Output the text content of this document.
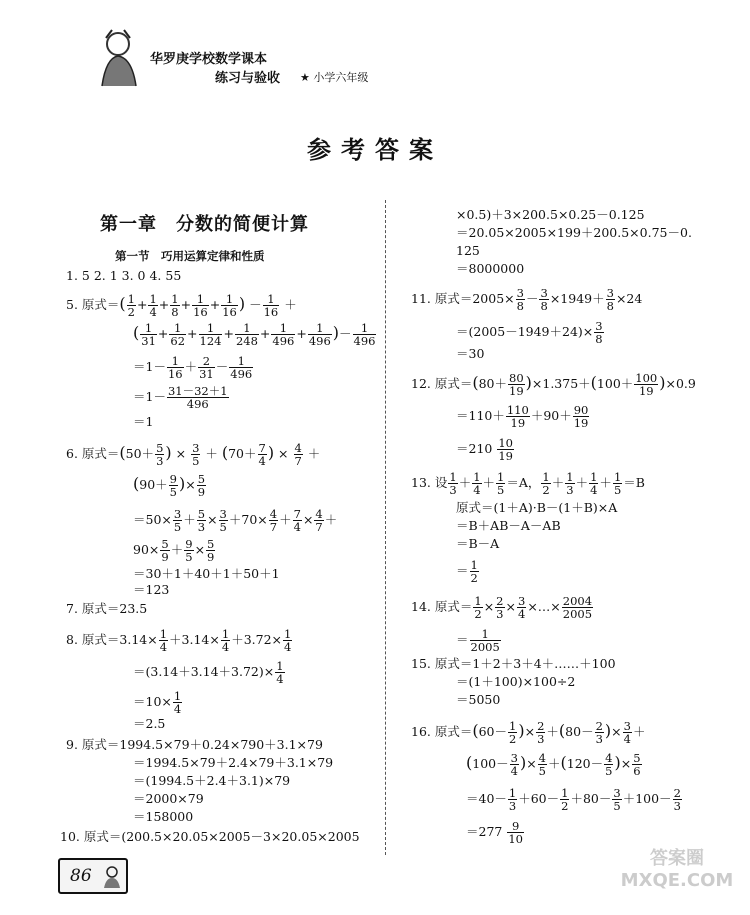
华罗庚学校数学课本
练习与验收 ★ 小学六年级
参考答案
第一章　分数的简便计算
第一节　巧用运算定律和性质
1. 5 2. 1 3. 0 4. 55
5. 原式＝( $\frac{1}{2} + \frac{1}{4} + \frac{1}{8} + \frac{1}{16} + \frac{1}{16}$ ) － $\frac{1}{16}$ ＋
( $\frac{1}{31} + \frac{1}{62} + \frac{1}{124} + \frac{1}{248} + \frac{1}{496} + \frac{1}{496}$ )－ $\frac{1}{496}$
$=1- \frac{1}{16} + \frac{2}{31} - \frac{1}{496}$
$=1- \frac{31-32+1}{496}$
＝1
6. 原式$=(50+ \frac{5}{3}$ ) × $\frac{3}{5} + (70+ \frac{7}{4}$ ) × $\frac{4}{7}$ ＋
($90+ \frac{9}{5}$ )× $\frac{5}{9}$
$=50\times \frac{3}{5} + \frac{5}{3} \times \frac{3}{5} +70\times \frac{4}{7} + \frac{7}{4} \times \frac{4}{7}$ ＋
$90\times \frac{5}{9} + \frac{9}{5} \times \frac{5}{9}$
＝30＋1＋40＋1＋50＋1
＝123
7. 原式＝23.5
8. 原式$=3.14\times \frac{1}{4} +3.14\times \frac{1}{4} +3.72\times \frac{1}{4}$
$=(3.14+3.14+3.72)\times \frac{1}{4}$
$=10\times \frac{1}{4}$
＝2.5
9. 原式＝1994.5×79＋0.24×790＋3.1×79
＝1994.5×79＋2.4×79＋3.1×79
＝(1994.5＋2.4＋3.1)×79
＝2000×79
＝158000
10. 原式＝(200.5×20.05×2005－3×20.05×2005
×0.5)＋3×200.5×0.25－0.125
＝20.05×2005×199＋200.5×0.75－0.
125
＝8000000
11. 原式$=2005\times \frac{3}{8} - \frac{3}{8} \times 1949+ \frac{3}{8} \times 24$
$=(2005-1949+24)\times \frac{3}{8}$
＝30
12. 原式$=(80+ \frac{80}{19} )\times 1.375+(100+ \frac{100}{19} )\times 0.9$
$=110+ \frac{110}{19} +90+ \frac{90}{19}$
$=210 \frac{10}{19}$
13. 设 $\frac{1}{3} + \frac{1}{4} + \frac{1}{5} =A$， $\frac{1}{2} + \frac{1}{3} + \frac{1}{4} + \frac{1}{5} =B$
原式＝(1＋A)·B－(1＋B)×A
＝B＋AB－A－AB
＝B－A
＝ $\frac{1}{2}$
14. 原式＝ $\frac{1}{2} \times \frac{2}{3} \times \frac{3}{4}$ ×…× $\frac{2004}{2005}$
＝ $\frac{1}{2005}$
15. 原式＝1＋2＋3＋4＋……＋100
＝(1＋100)×100÷2
＝5050
16. 原式$=(60- \frac{1}{2}$ )× $\frac{2}{3} +(80- \frac{2}{3}$ )× $\frac{3}{4}$ ＋
($100- \frac{3}{4}$ )× $\frac{4}{5} +(120- \frac{4}{5}$ )× $\frac{5}{6}$
$=40- \frac{1}{3} +60- \frac{1}{2} +80- \frac{3}{5} +100- \frac{2}{3}$
$=277 \frac{9}{10}$
86
答案圈 MXQE.COM
